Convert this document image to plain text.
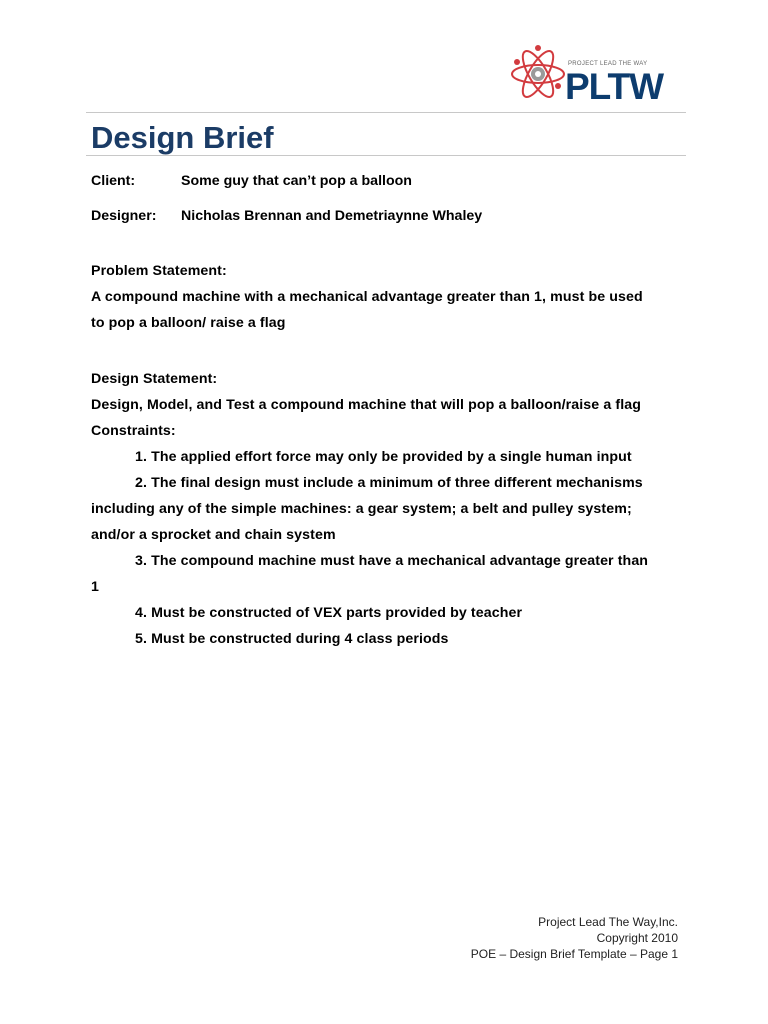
PROJECT LEAD THE WAY
PLTW
Design Brief
Client:	Some guy that can’t pop a balloon
Designer: Nicholas Brennan and Demetriaynne Whaley
Problem Statement:
A compound machine with a mechanical advantage greater than 1, must be used
to pop a balloon/ raise a flag
Design Statement:
Design, Model, and Test a compound machine that will pop a balloon/raise a flag
Constraints:
1. The applied effort force may only be provided by a single human input
2. The final design must include a minimum of three different mechanisms
including any of the simple machines: a gear system; a belt and pulley system;
and/or a sprocket and chain system
3. The compound machine must have a mechanical advantage greater than
1
4. Must be constructed of VEX parts provided by teacher
5. Must be constructed during 4 class periods
Project Lead The Way,Inc.
Copyright 2010
POE – Design Brief Template – Page 1
